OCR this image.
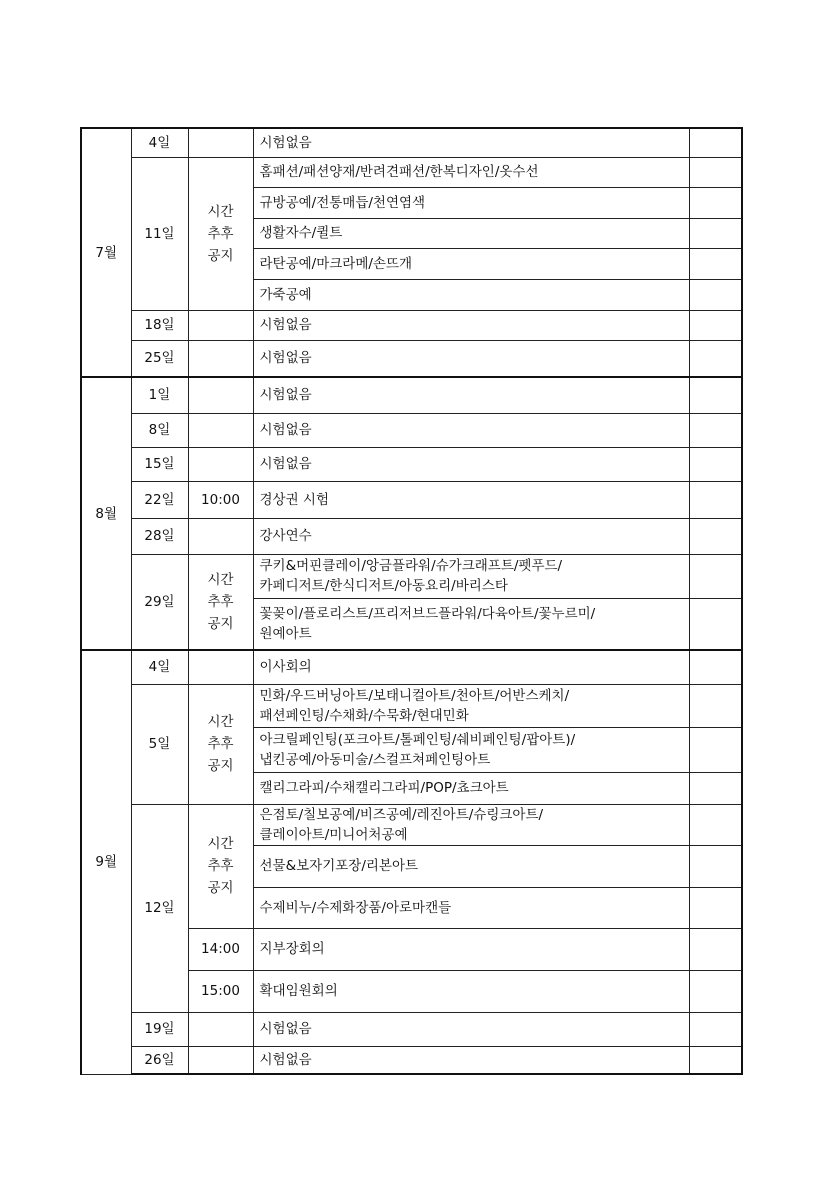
7월	4일		시험없음	

	11일	시간
추후
공지	홈패션/패션양재/반려견패션/한복디자인/옷수선	

			규방공예/전통매듭/천연염색	

			생활자수/퀼트	

			라탄공예/마크라메/손뜨개	

			가죽공예	

	18일		시험없음	

	25일		시험없음	

8월	1일		시험없음	

	8일		시험없음	

	15일		시험없음	

	22일	10:00	경상권 시험	

	28일		강사연수	

	29일	시간
추후
공지	쿠키&머핀클레이/앙금플라워/슈가크래프트/펫푸드/
카페디저트/한식디저트/아동요리/바리스타	

			꽃꽂이/플로리스트/프리저브드플라워/다육아트/꽃누르미/
원예아트	

9월	4일		이사회의	

	5일	시간
추후
공지	민화/우드버닝아트/보태니컬아트/천아트/어반스케치/
패션페인팅/수채화/수묵화/현대민화	

			아크릴페인팅(포크아트/톨페인팅/쉐비페인팅/팝아트)/
냅킨공예/아동미술/스컬프쳐페인팅아트	

			캘리그라피/수채캘리그라피/POP/쵸크아트	

	12일	시간
추후
공지	은점토/칠보공예/비즈공예/레진아트/슈링크아트/
클레이아트/미니어처공예	

			선물&보자기포장/리본아트	

			수제비누/수제화장품/아로마캔들	

		14:00	지부장회의	

		15:00	확대임원회의	

	19일		시험없음	

	26일		시험없음	
